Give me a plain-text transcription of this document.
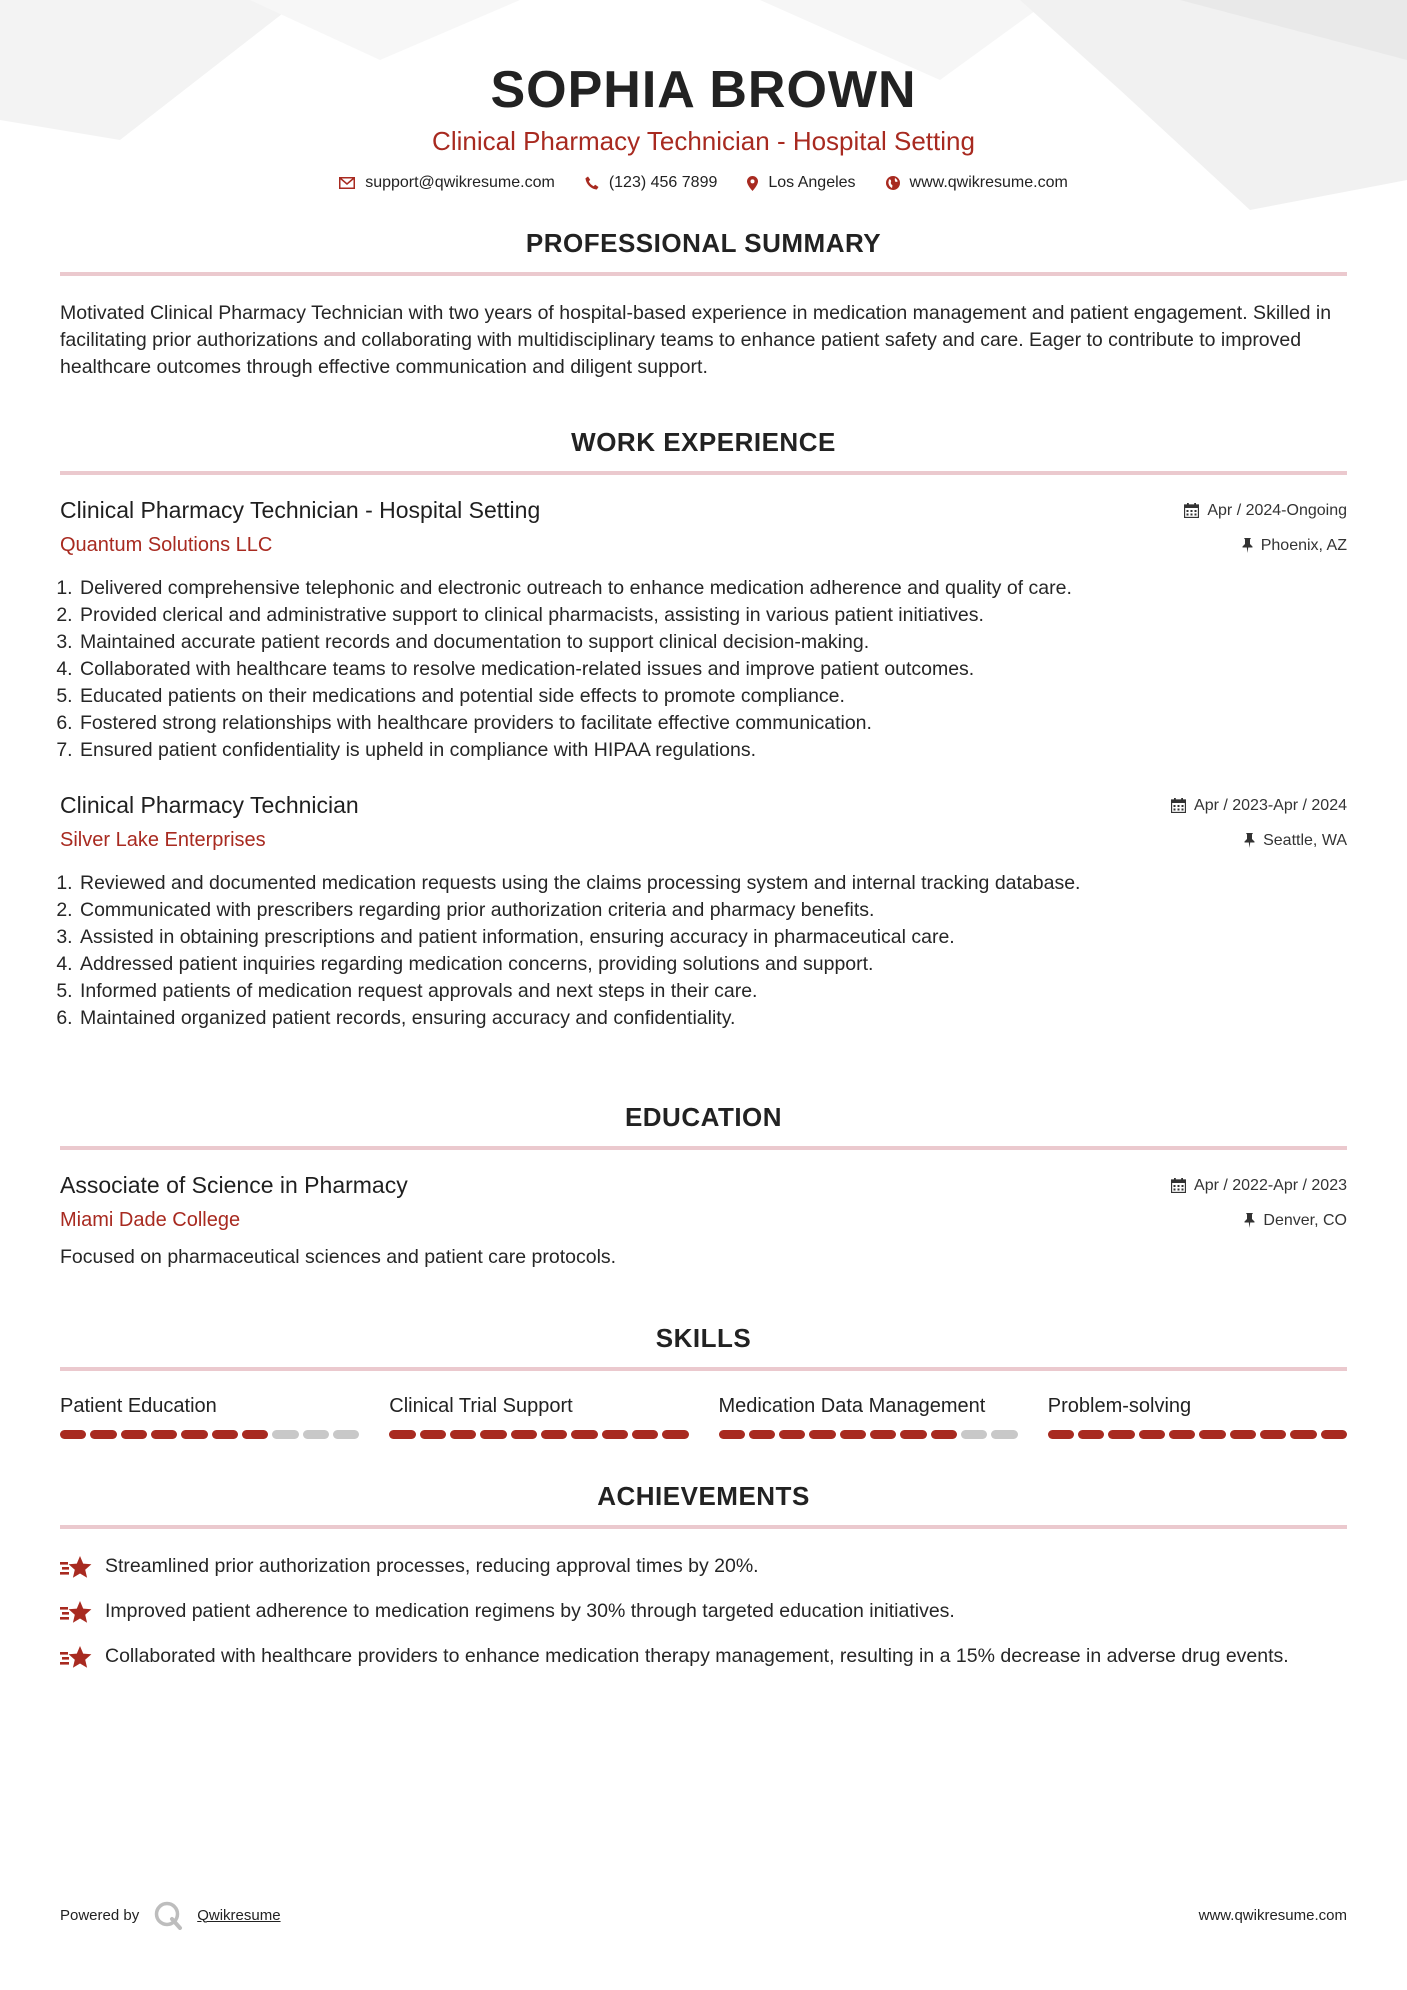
SOPHIA BROWN
Clinical Pharmacy Technician - Hospital Setting
support@qwikresume.com	(123) 456 7899	Los Angeles	www.qwikresume.com
PROFESSIONAL SUMMARY
Motivated Clinical Pharmacy Technician with two years of hospital-based experience in medication management and patient engagement. Skilled in facilitating prior authorizations and collaborating with multidisciplinary teams to enhance patient safety and care. Eager to contribute to improved healthcare outcomes through effective communication and diligent support.
WORK EXPERIENCE
Clinical Pharmacy Technician - Hospital Setting	Apr / 2024-Ongoing
Quantum Solutions LLC	Phoenix, AZ
1. Delivered comprehensive telephonic and electronic outreach to enhance medication adherence and quality of care.
2. Provided clerical and administrative support to clinical pharmacists, assisting in various patient initiatives.
3. Maintained accurate patient records and documentation to support clinical decision-making.
4. Collaborated with healthcare teams to resolve medication-related issues and improve patient outcomes.
5. Educated patients on their medications and potential side effects to promote compliance.
6. Fostered strong relationships with healthcare providers to facilitate effective communication.
7. Ensured patient confidentiality is upheld in compliance with HIPAA regulations.
Clinical Pharmacy Technician	Apr / 2023-Apr / 2024
Silver Lake Enterprises	Seattle, WA
1. Reviewed and documented medication requests using the claims processing system and internal tracking database.
2. Communicated with prescribers regarding prior authorization criteria and pharmacy benefits.
3. Assisted in obtaining prescriptions and patient information, ensuring accuracy in pharmaceutical care.
4. Addressed patient inquiries regarding medication concerns, providing solutions and support.
5. Informed patients of medication request approvals and next steps in their care.
6. Maintained organized patient records, ensuring accuracy and confidentiality.
EDUCATION
Associate of Science in Pharmacy	Apr / 2022-Apr / 2023
Miami Dade College	Denver, CO
Focused on pharmaceutical sciences and patient care protocols.
SKILLS
Patient Education	Clinical Trial Support	Medication Data Management	Problem-solving
ACHIEVEMENTS
Streamlined prior authorization processes, reducing approval times by 20%.
Improved patient adherence to medication regimens by 30% through targeted education initiatives.
Collaborated with healthcare providers to enhance medication therapy management, resulting in a 15% decrease in adverse drug events.
Powered by	Qwikresume	www.qwikresume.com
